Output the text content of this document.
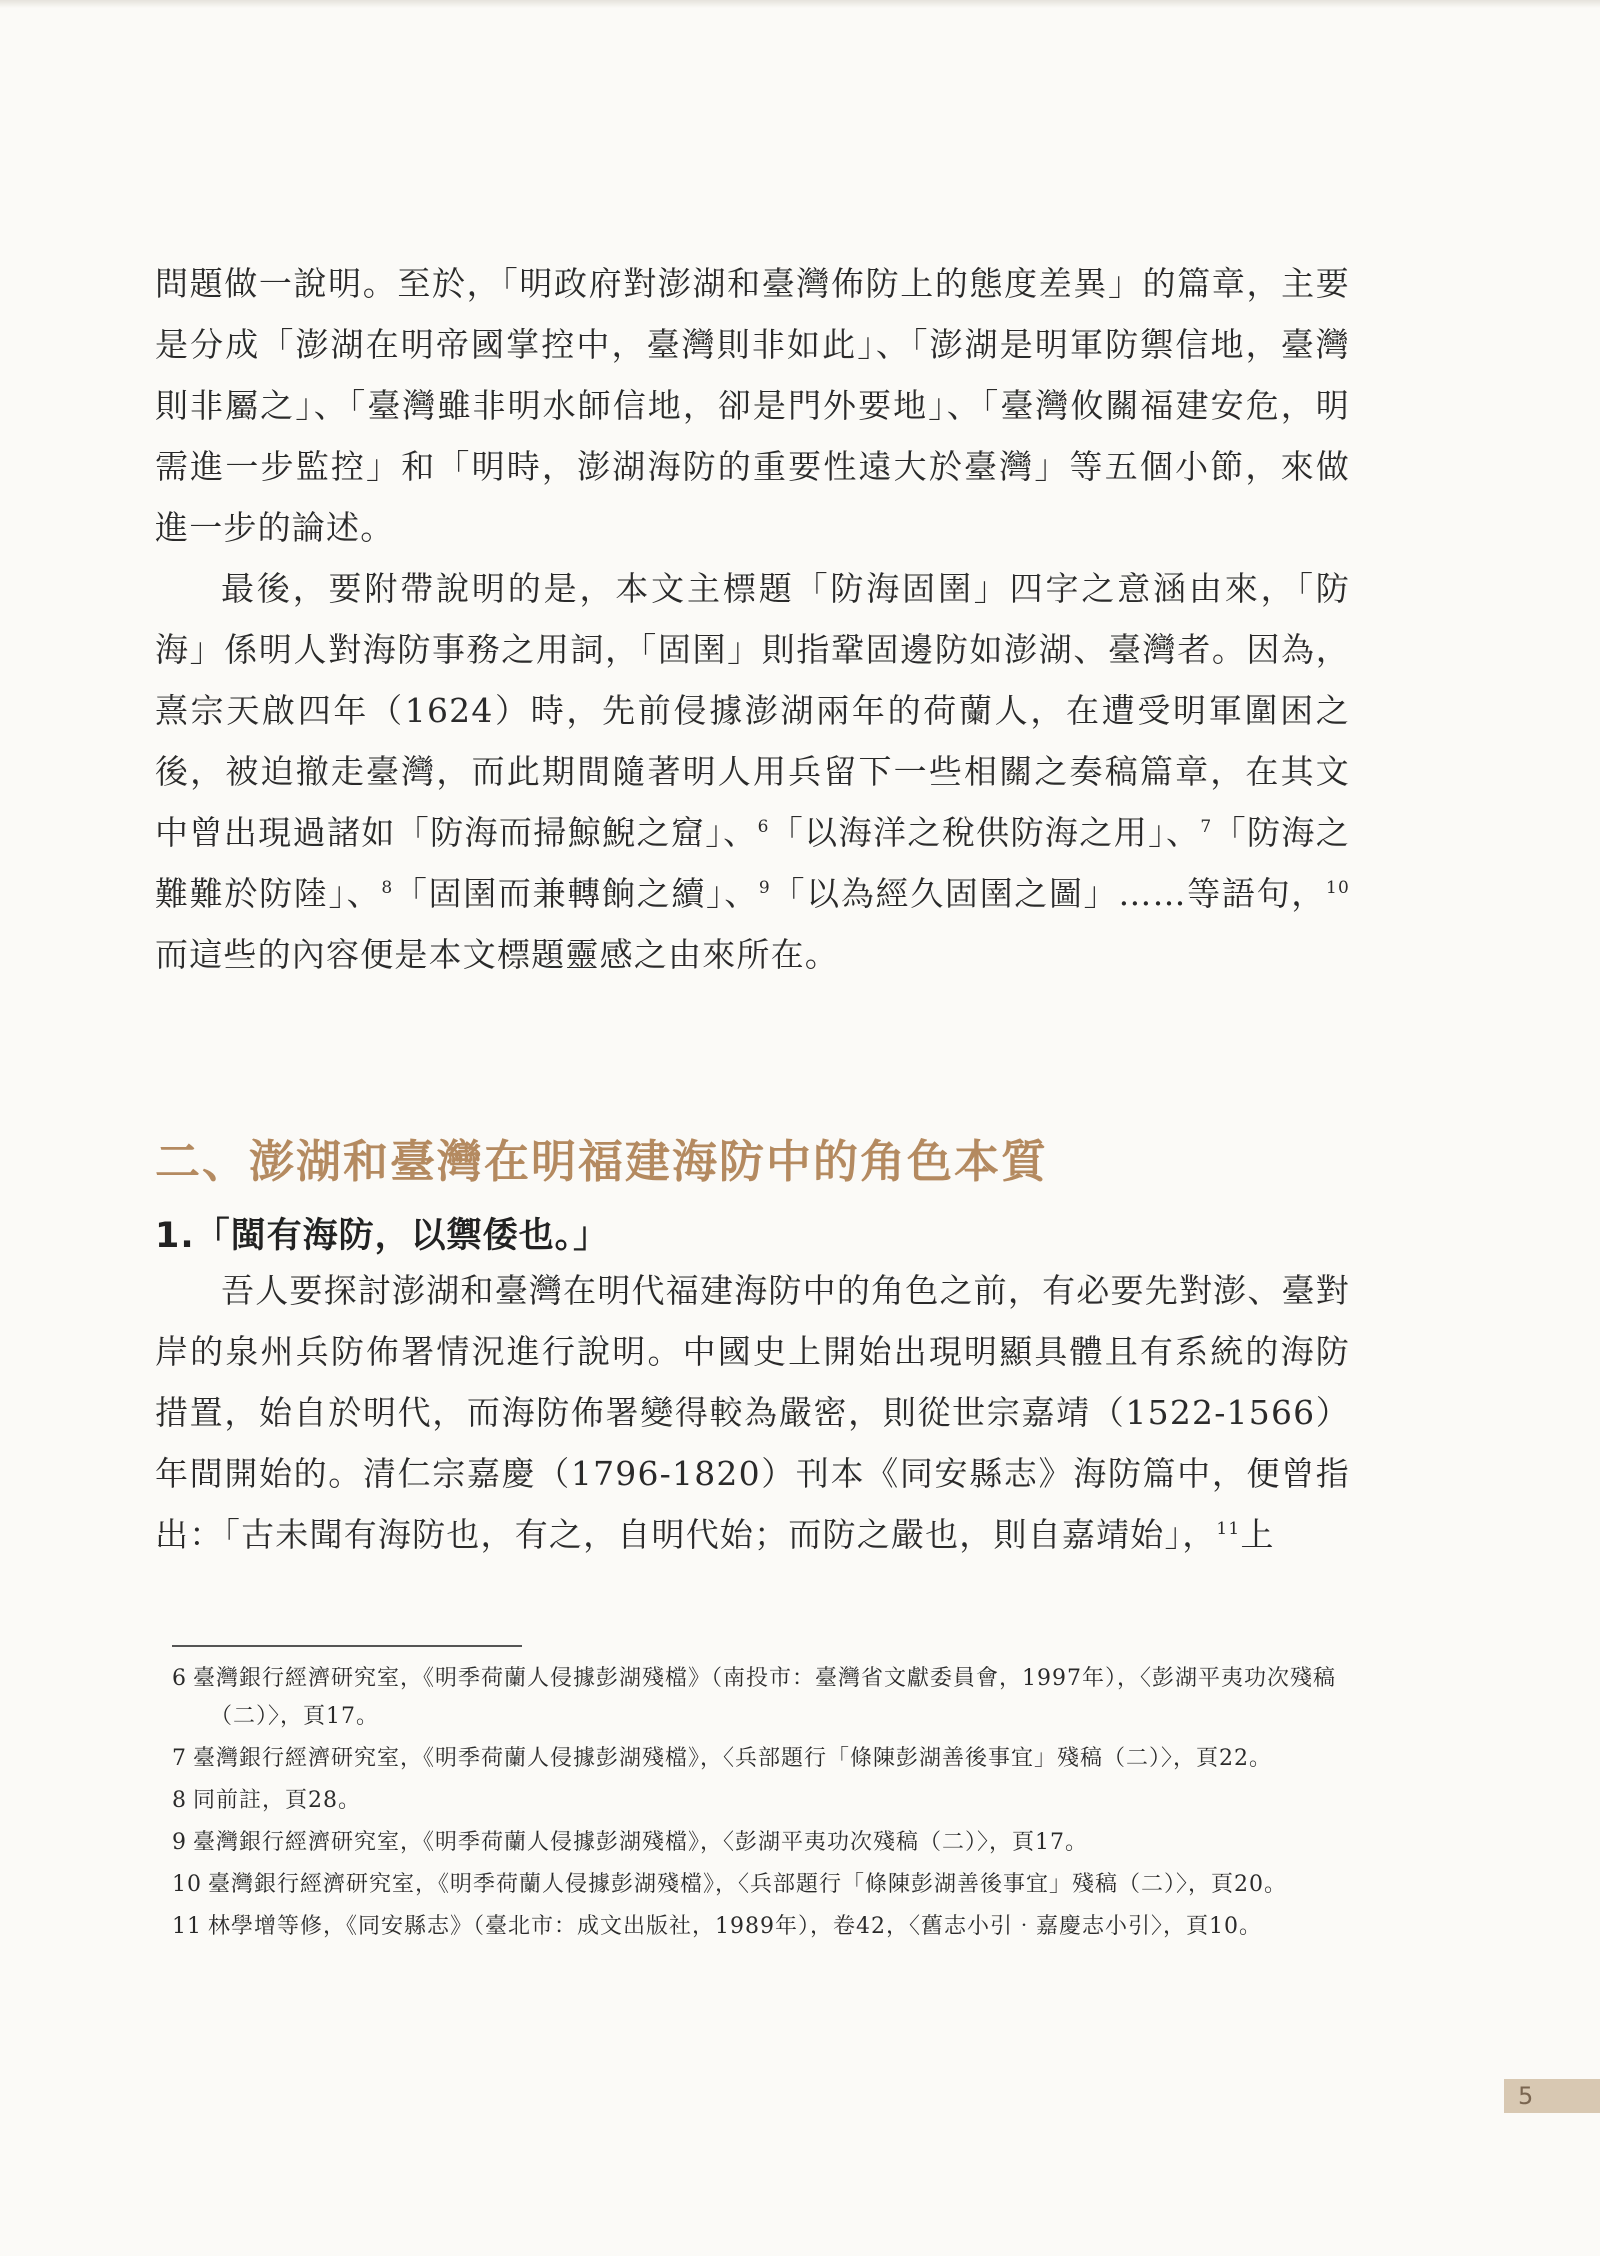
問題做一說明。至於，「明政府對澎湖和臺灣佈防上的態度差異」的篇章，主要是分成「澎湖在明帝國掌控中，臺灣則非如此」、「澎湖是明軍防禦信地，臺灣則非屬之」、「臺灣雖非明水師信地，卻是門外要地」、「臺灣攸關福建安危，明需進一步監控」和「明時，澎湖海防的重要性遠大於臺灣」等五個小節，來做進一步的論述。

最後，要附帶說明的是，本文主標題「防海固圉」四字之意涵由來，「防海」係明人對海防事務之用詞，「固圉」則指鞏固邊防如澎湖、臺灣者。因為，熹宗天啟四年（1624）時，先前侵據澎湖兩年的荷蘭人，在遭受明軍圍困之後，被迫撤走臺灣，而此期間隨著明人用兵留下一些相關之奏稿篇章，在其文中曾出現過諸如「防海而掃鯨鯢之窟」、$^6$「以海洋之稅供防海之用」、$^7$「防海之難難於防陸」、$^8$「固圉而兼轉餉之續」、$^9$「以為經久固圉之圖」……等語句，$^{10}$而這些的內容便是本文標題靈感之由來所在。

二、澎湖和臺灣在明福建海防中的角色本質
1.「閩有海防，以禦倭也。」

吾人要探討澎湖和臺灣在明代福建海防中的角色之前，有必要先對澎、臺對岸的泉州兵防佈署情況進行說明。中國史上開始出現明顯具體且有系統的海防措置，始自於明代，而海防佈署變得較為嚴密，則從世宗嘉靖（1522-1566）年間開始的。清仁宗嘉慶（1796-1820）刊本《同安縣志》海防篇中，便曾指出：「古未聞有海防也，有之，自明代始；而防之嚴也，則自嘉靖始」，$^{11}$上

6 臺灣銀行經濟研究室，《明季荷蘭人侵據彭湖殘檔》（南投市：臺灣省文獻委員會，1997年），〈彭湖平夷功次殘稿（二）〉，頁17。

7 臺灣銀行經濟研究室，《明季荷蘭人侵據彭湖殘檔》，〈兵部題行「條陳彭湖善後事宜」殘稿（二）〉，頁22。

8 同前註，頁28。

9 臺灣銀行經濟研究室，《明季荷蘭人侵據彭湖殘檔》，〈彭湖平夷功次殘稿（二）〉，頁17。

10 臺灣銀行經濟研究室，《明季荷蘭人侵據彭湖殘檔》，〈兵部題行「條陳彭湖善後事宜」殘稿（二）〉，頁20。

11 林學增等修，《同安縣志》（臺北市：成文出版社，1989年），卷42，〈舊志小引‧嘉慶志小引〉，頁10。

5
